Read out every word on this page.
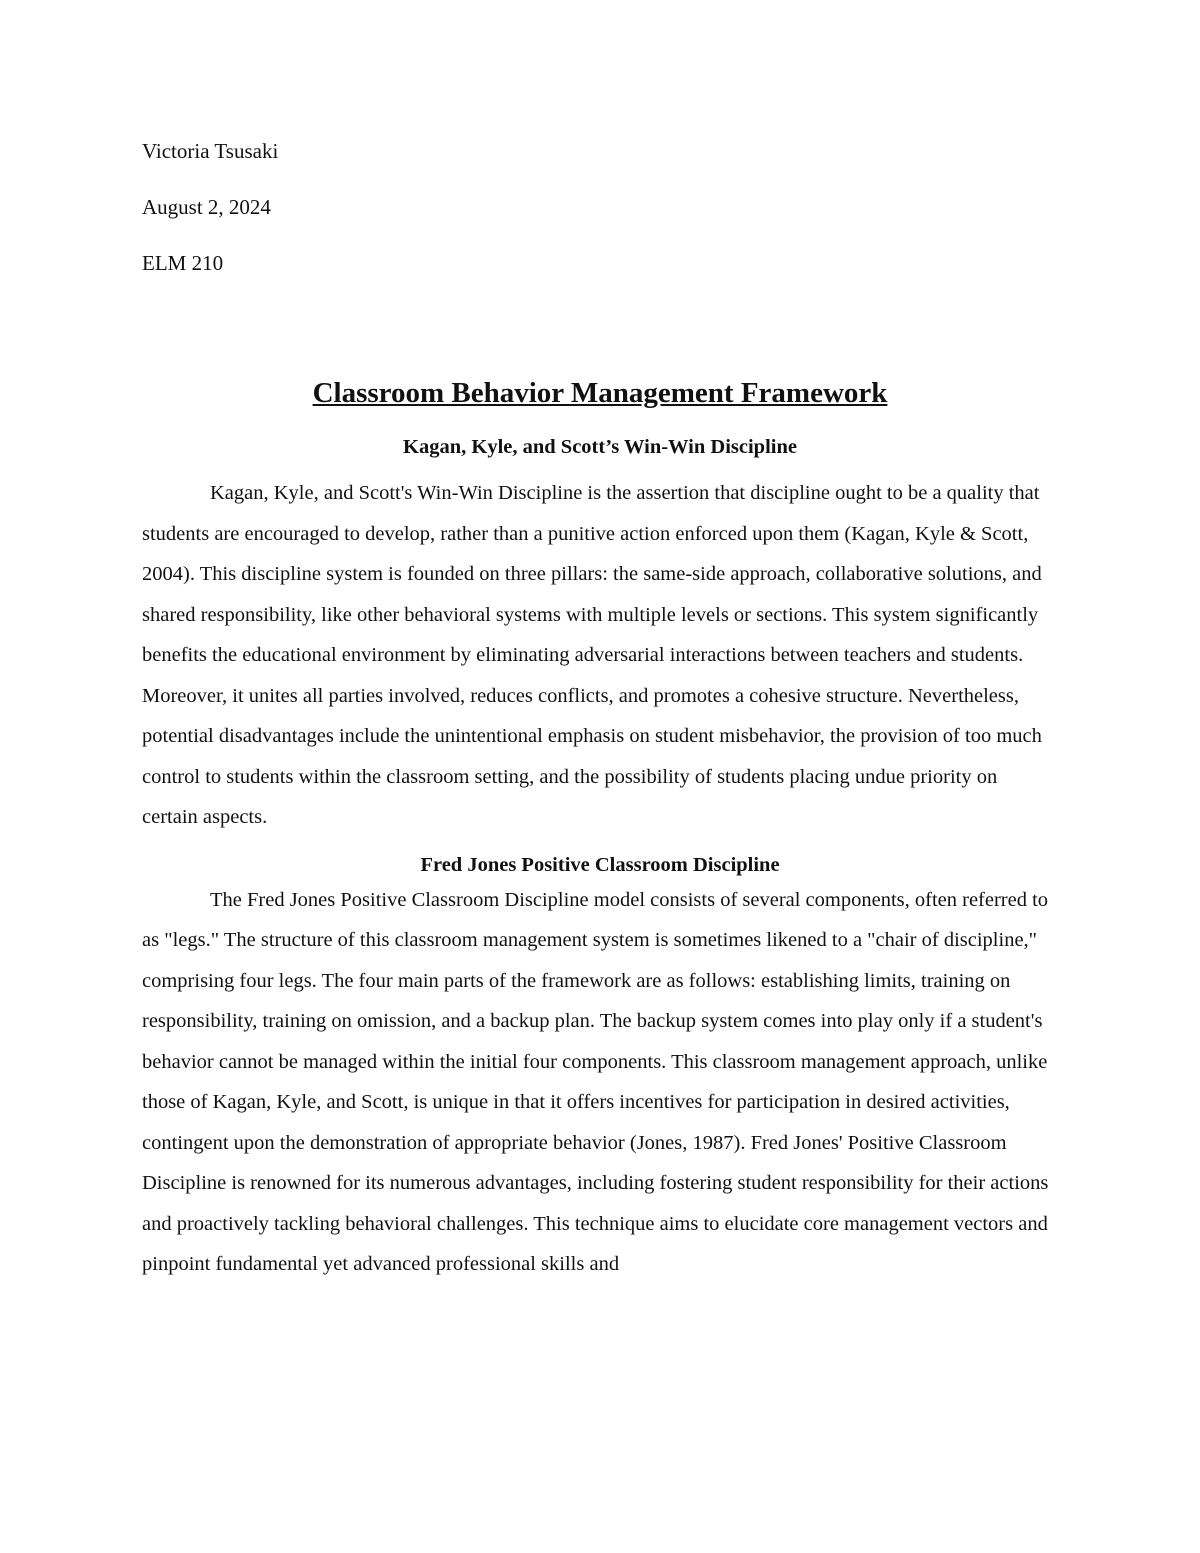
Victoria Tsusaki
August 2, 2024
ELM 210
Classroom Behavior Management Framework
Kagan, Kyle, and Scott’s Win-Win Discipline

Kagan, Kyle, and Scott's Win-Win Discipline is the assertion that discipline ought to be a quality that students are encouraged to develop, rather than a punitive action enforced upon them (Kagan, Kyle & Scott, 2004). This discipline system is founded on three pillars: the same-side approach, collaborative solutions, and shared responsibility, like other behavioral systems with multiple levels or sections. This system significantly benefits the educational environment by eliminating adversarial interactions between teachers and students. Moreover, it unites all parties involved, reduces conflicts, and promotes a cohesive structure. Nevertheless, potential disadvantages include the unintentional emphasis on student misbehavior, the provision of too much control to students within the classroom setting, and the possibility of students placing undue priority on certain aspects.

Fred Jones Positive Classroom Discipline

The Fred Jones Positive Classroom Discipline model consists of several components, often referred to as "legs." The structure of this classroom management system is sometimes likened to a "chair of discipline," comprising four legs. The four main parts of the framework are as follows: establishing limits, training on responsibility, training on omission, and a backup plan. The backup system comes into play only if a student's behavior cannot be managed within the initial four components. This classroom management approach, unlike those of Kagan, Kyle, and Scott, is unique in that it offers incentives for participation in desired activities, contingent upon the demonstration of appropriate behavior (Jones, 1987). Fred Jones' Positive Classroom Discipline is renowned for its numerous advantages, including fostering student responsibility for their actions and proactively tackling behavioral challenges. This technique aims to elucidate core management vectors and pinpoint fundamental yet advanced professional skills and
